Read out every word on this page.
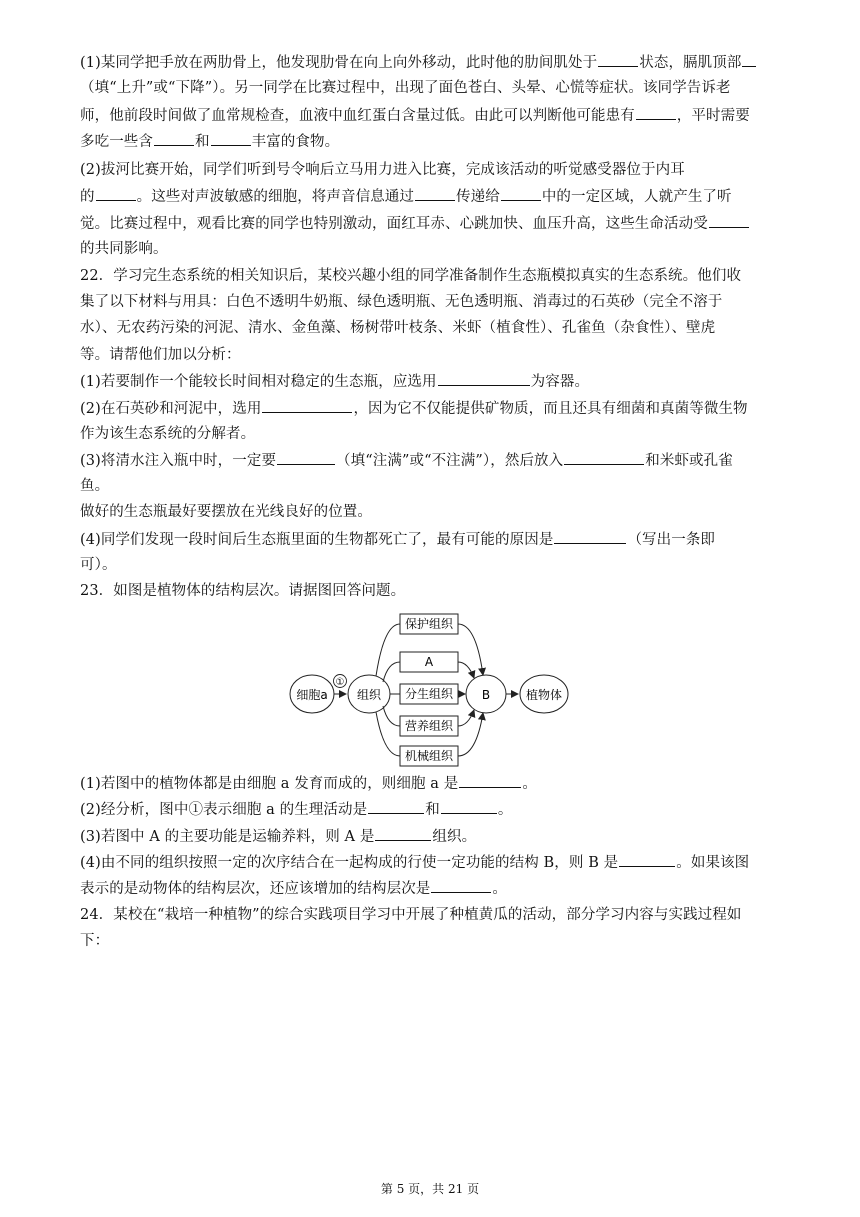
(1)某同学把手放在两肋骨上，他发现肋骨在向上向外移动，此时他的肋间肌处于	状态，膈肌顶部
（填“上升”或“下降”）。另一同学在比赛过程中，出现了面色苍白、头晕、心慌等症状。该同学告诉老
师，他前段时间做了血常规检查，血液中血红蛋白含量过低。由此可以判断他可能患有	，平时需要
多吃一些含	和	丰富的食物。
(2)拔河比赛开始，同学们听到号令响后立马用力进入比赛，完成该活动的听觉感受器位于内耳
的	。这些对声波敏感的细胞，将声音信息通过	传递给	中的一定区域，人就产生了听
觉。比赛过程中，观看比赛的同学也特别激动，面红耳赤、心跳加快、血压升高，这些生命活动受
的共同影响。
22．学习完生态系统的相关知识后，某校兴趣小组的同学准备制作生态瓶模拟真实的生态系统。他们收
集了以下材料与用具：白色不透明牛奶瓶、绿色透明瓶、无色透明瓶、消毒过的石英砂（完全不溶于
水）、无农药污染的河泥、清水、金鱼藻、杨树带叶枝条、米虾（植食性）、孔雀鱼（杂食性）、壁虎
等。请帮他们加以分析：
(1)若要制作一个能较长时间相对稳定的生态瓶，应选用	为容器。
(2)在石英砂和河泥中，选用	，因为它不仅能提供矿物质，而且还具有细菌和真菌等微生物
作为该生态系统的分解者。
(3)将清水注入瓶中时，一定要	（填“注满”或“不注满”），然后放入	和米虾或孔雀
鱼。
做好的生态瓶最好要摆放在光线良好的位置。
(4)同学们发现一段时间后生态瓶里面的生物都死亡了，最有可能的原因是	（写出一条即
可）。
23．如图是植物体的结构层次。请据图回答问题。
细胞a
①
组织
保护组织
A
分生组织
营养组织
机械组织
B	植物体
(1)若图中的植物体都是由细胞 a 发育而成的，则细胞 a 是	。
(2)经分析，图中①表示细胞 a 的生理活动是	和	。
(3)若图中 A 的主要功能是运输养料，则 A 是	组织。
(4)由不同的组织按照一定的次序结合在一起构成的行使一定功能的结构 B，则 B 是	。如果该图
表示的是动物体的结构层次，还应该增加的结构层次是	。
24．某校在“栽培一种植物”的综合实践项目学习中开展了种植黄瓜的活动，部分学习内容与实践过程如
下：
第 5 页，共 21 页
